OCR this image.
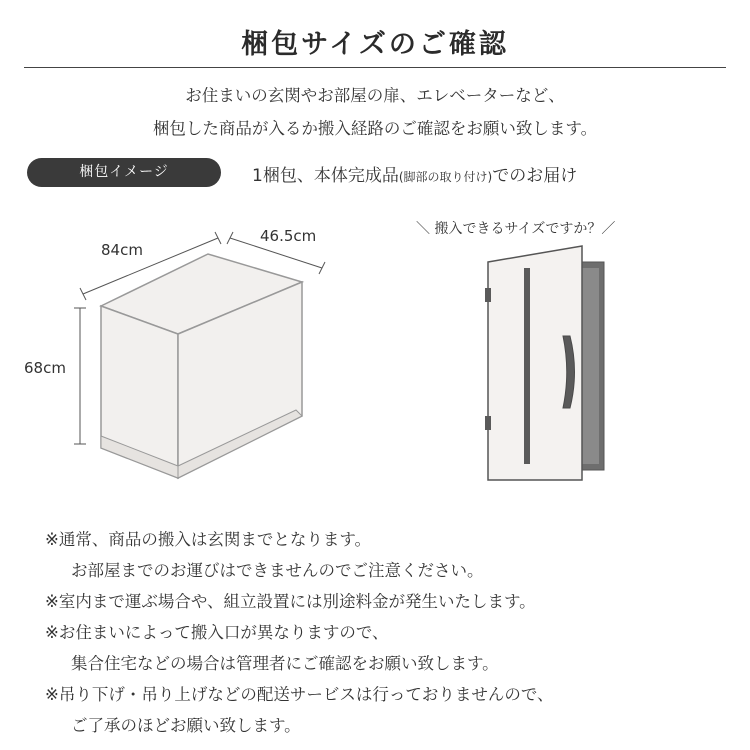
梱包サイズのご確認
お住まいの玄関やお部屋の扉、エレベーターなど、
梱包した商品が入るか搬入経路のご確認をお願い致します。
梱包イメージ	1梱包、本体完成品(脚部の取り付け)でのお届け
84cm
46.5cm
68cm
＼ 搬入できるサイズですか？／
※通常、商品の搬入は玄関までとなります。
お部屋までのお運びはできませんのでご注意ください。
※室内まで運ぶ場合や、組立設置には別途料金が発生いたします。
※お住まいによって搬入口が異なりますので、
集合住宅などの場合は管理者にご確認をお願い致します。
※吊り下げ・吊り上げなどの配送サービスは行っておりませんので、
ご了承のほどお願い致します。
